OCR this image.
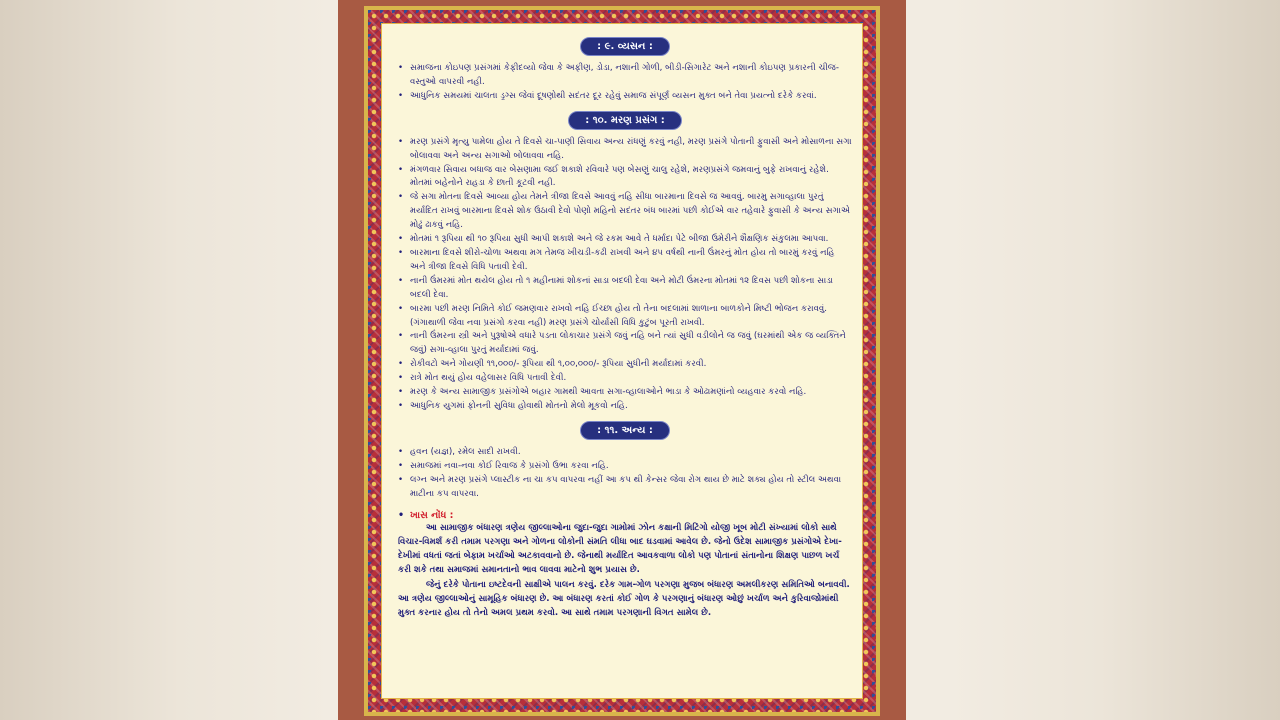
: ૯. વ્યસન :
• સમાજના કોઇપણ પ્રસંગમાં કેફીદવ્યો જેવા કે અફીણ, ડોડા, નશાની ગોળી, બીડી-સિગારેટ અને નશાની કોઇપણ પ્રકારની ચીજ-વસ્તુઓ વાપરવી નહી.
• આધુનિક સમયમાં ચાલતા ડ્રગ્સ જેવાં દૂષણોથી સદંતર દૂર રહેવું સમાજ સંપૂર્ણ વ્યસન મુક્ત બને તેવા પ્રયત્નો દરેકે કરવાં.
: ૧૦. મરણ પ્રસંગ :
• મરણ પ્રસંગે મૃત્યુ પામેલા હોય તે દિવસે ચા-પાણી સિવાય અન્ય રાંધણું કરવું નહી, મરણ પ્રસંગે પોતાની ફુવાસી અને મોસાળના સગા બોલાવવા અને અન્ય સગાઓ બોલાવવા નહિ.
• મંગળવાર સિવાય બધાજ વાર બેસણામા જઈ શકાશે રવિવારે પણ બેસણું ચાલુ રહેશે, મરણપ્રસંગે જમવાનું બુફે રાખવાનું રહેશે. મોતમાં બહેનોને રાહડા કે છાતી કૂટવી નહી.
• જે સગા મોતના દિવસે આવ્યા હોય તેમને ત્રીજા દિવસે આવવું નહિ સીધા બારમાના દિવસે જ આવવું. બારમુ સગાવ્હાલા પુરતું મર્યાદિત રાખવું બારમાના દિવસે શોક ઉઠાવી દેવો પોણો મહિનો સદંતર બંધ બારમાં પછી કોઈએ વાર તહેવારે ફુવાસી કે અન્ય સગાએ મોઢું ઢાકવું નહિ.
• મોતમાં ૧ રૂપિયા થી ૧૦ રૂપિયા સુધી આપી શકાશે અને જે રકમ આવે તે ધર્માદા પેટે બીજા ઉમેરીને શૈક્ષણિક સંકુલમા આપવા.
• બારમાના દિવસે શીરો-ચોળા અથવા મગ તેમજ ખીચડી-કઢી રાખવી અને ૪૫ વર્ષથી નાની ઉંમરનું મોત હોય તો બારમું કરવું નહિ અને ત્રીજા દિવસે વિધિ પતાવી દેવી.
• નાની ઉંમરમાં મોત થયેલ હોય તો ૧ મહીનામાં શોકનાં સાડા બદલી દેવા અને મોટી ઉંમરના મોતમાં ૧૨ દિવસ પછી શોકના સાડા બદલી દેવા.
• બારમા પછી મરણ નિમિતે કોઈ જમણવાર રાખવો નહિ ઈચ્છા હોય તો તેના બદલામાં શાળાના બાળકોને મિષ્ટી ભોજન કરાવવું. (ગંગાથાળી જેવા નવા પ્રસંગો કરવા નહી) મરણ પ્રસંગે ચોર્યાસી વિધિ કુટુંબ પૂરતી રાખવી.
• નાની ઉંમરના સ્ત્રી અને પુરૂષોએ વધારે પડતા લોકાચાર પ્રસંગે જવું નહિ બને ત્યાં સુધી વડીલોને જ જવું (ઘરમાંથી એક જ વ્યક્તિને જવું) સગા-વ્હાલા પુરતું મર્યાદામાં જવું.
• રોકીવટો અને ગોયણી ૧૧,૦૦૦/- રૂપિયા થી ૧,૦૦,૦૦૦/- રૂપિયા સુધીની મર્યાદામાં કરવી.
• રાત્રે મોત થયું હોય વહેલાસર વિધિ પતાવી દેવી.
• મરણ કે અન્ય સામાજીક પ્રસંગોએ બહાર ગામથી આવતા સગા-વ્હાલાઓને ભાડા કે ઓઢામણાંનો વ્યહવાર કરવો નહિ.
• આધુનિક યુગમાં ફોનની સુવિધા હોવાથી મોતનો મેલો મૂકવો નહિ.
: ૧૧. અન્ય :
• હવન (યજ્ઞ), રમેલ સાદી રાખવી.
• સમાજમાં નવા-નવા કોઈ રિવાજ કે પ્રસંગો ઉભા કરવા નહિ.
• લગ્ન અને મરણ પ્રસંગે પ્લાસ્ટીક ના ચા કપ વાપરવા નહીં આ કપ થી કેન્સર જેવા રોગ થાય છે માટે શક્ય હોય તો સ્ટીલ અથવા માટીના કપ વાપરવા.
• ખાસ નોંધ :

આ સામાજીક બંધારણ ત્રણેય જીલ્લાઓના જુદા-જુદા ગામોમાં ઝોન કક્ષાની મિટિંગો યોજી ખૂબ મોટી સંખ્યામાં લોકો સાથે વિચાર-વિમર્શ કરી તમામ પરગણા અને ગોળના લોકોની સંમતિ લીધા બાદ ઘડવામાં આવેલ છે. જેનો ઉદેશ સામાજીક પ્રસંગોએ દેખા-દેખીમાં વધતાં જતાં બેફામ ખર્ચાઓ અટકાવવાનો છે. જેનાથી મર્યાદિત આવકવાળા લોકો પણ પોતાનાં સંતાનોના શિક્ષણ પાછળ ખર્ચ કરી શકે તથા સમાજમાં સમાનતાનો ભાવ લાવવા માટેનો શુભ પ્રયાસ છે.

જેનું દરેકે પોતાના ઇષ્ટદેવની સાક્ષીએ પાલન કરવું. દરેક ગામ-ગોળ પરગણા મુજબ બંધારણ અમલીકરણ સમિતિઓ બનાવવી. આ ત્રણેય જીલ્લાઓનું સામૂહિક બંધારણ છે. આ બંધારણ કરતાં કોઈ ગોળ કે પરગણાનું બંધારણ ઓછું ખર્ચાળ અને કુરિવાજોમાંથી મુક્ત કરનાર હોય તો તેનો અમલ પ્રથમ કરવો. આ સાથે તમામ પરગણાની વિગત સામેલ છે.
